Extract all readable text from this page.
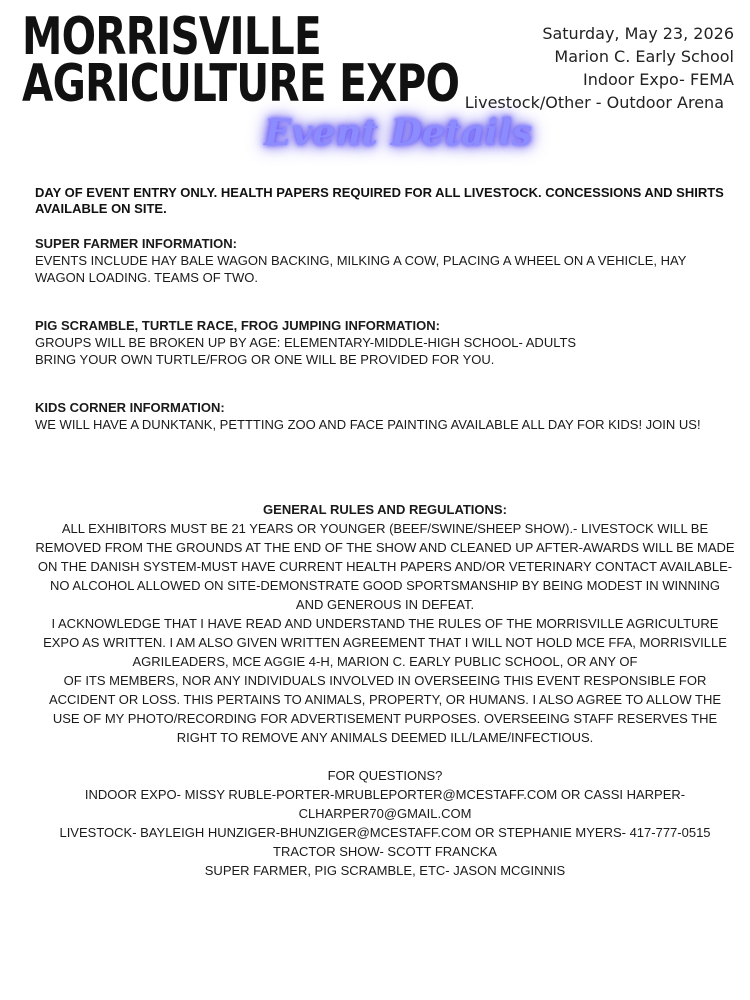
MORRISVILLE
AGRICULTURE EXPO
Saturday, May 23, 2026
Marion C. Early School
Indoor Expo- FEMA
Livestock/Other - Outdoor Arena
Event Details
DAY OF EVENT ENTRY ONLY. HEALTH PAPERS REQUIRED FOR ALL LIVESTOCK. CONCESSIONS AND SHIRTS AVAILABLE ON SITE.

SUPER FARMER INFORMATION:

EVENTS INCLUDE HAY BALE WAGON BACKING, MILKING A COW, PLACING A WHEEL ON A VEHICLE, HAY WAGON LOADING. TEAMS OF TWO.

PIG SCRAMBLE, TURTLE RACE, FROG JUMPING INFORMATION:

GROUPS WILL BE BROKEN UP BY AGE: ELEMENTARY-MIDDLE-HIGH SCHOOL- ADULTS

BRING YOUR OWN TURTLE/FROG OR ONE WILL BE PROVIDED FOR YOU.

KIDS CORNER INFORMATION:

WE WILL HAVE A DUNKTANK, PETTTING ZOO AND FACE PAINTING AVAILABLE ALL DAY FOR KIDS! JOIN US!

GENERAL RULES AND REGULATIONS:

ALL EXHIBITORS MUST BE 21 YEARS OR YOUNGER (BEEF/SWINE/SHEEP SHOW).- LIVESTOCK WILL BE REMOVED FROM THE GROUNDS AT THE END OF THE SHOW AND CLEANED UP AFTER-AWARDS WILL BE MADE ON THE DANISH SYSTEM-MUST HAVE CURRENT HEALTH PAPERS AND/OR VETERINARY CONTACT AVAILABLE- NO ALCOHOL ALLOWED ON SITE-DEMONSTRATE GOOD SPORTSMANSHIP BY BEING MODEST IN WINNING AND GENEROUS IN DEFEAT.

I ACKNOWLEDGE THAT I HAVE READ AND UNDERSTAND THE RULES OF THE MORRISVILLE AGRICULTURE EXPO AS WRITTEN. I AM ALSO GIVEN WRITTEN AGREEMENT THAT I WILL NOT HOLD MCE FFA, MORRISVILLE AGRILEADERS, MCE AGGIE 4-H, MARION C. EARLY PUBLIC SCHOOL, OR ANY OF

OF ITS MEMBERS, NOR ANY INDIVIDUALS INVOLVED IN OVERSEEING THIS EVENT RESPONSIBLE FOR ACCIDENT OR LOSS. THIS PERTAINS TO ANIMALS, PROPERTY, OR HUMANS. I ALSO AGREE TO ALLOW THE USE OF MY PHOTO/RECORDING FOR ADVERTISEMENT PURPOSES. OVERSEEING STAFF RESERVES THE RIGHT TO REMOVE ANY ANIMALS DEEMED ILL/LAME/INFECTIOUS.

FOR QUESTIONS?

INDOOR EXPO- MISSY RUBLE-PORTER-MRUBLEPORTER@MCESTAFF.COM OR CASSI HARPER-CLHARPER70@GMAIL.COM

LIVESTOCK- BAYLEIGH HUNZIGER-BHUNZIGER@MCESTAFF.COM OR STEPHANIE MYERS- 417-777-0515

TRACTOR SHOW- SCOTT FRANCKA

SUPER FARMER, PIG SCRAMBLE, ETC- JASON MCGINNIS
